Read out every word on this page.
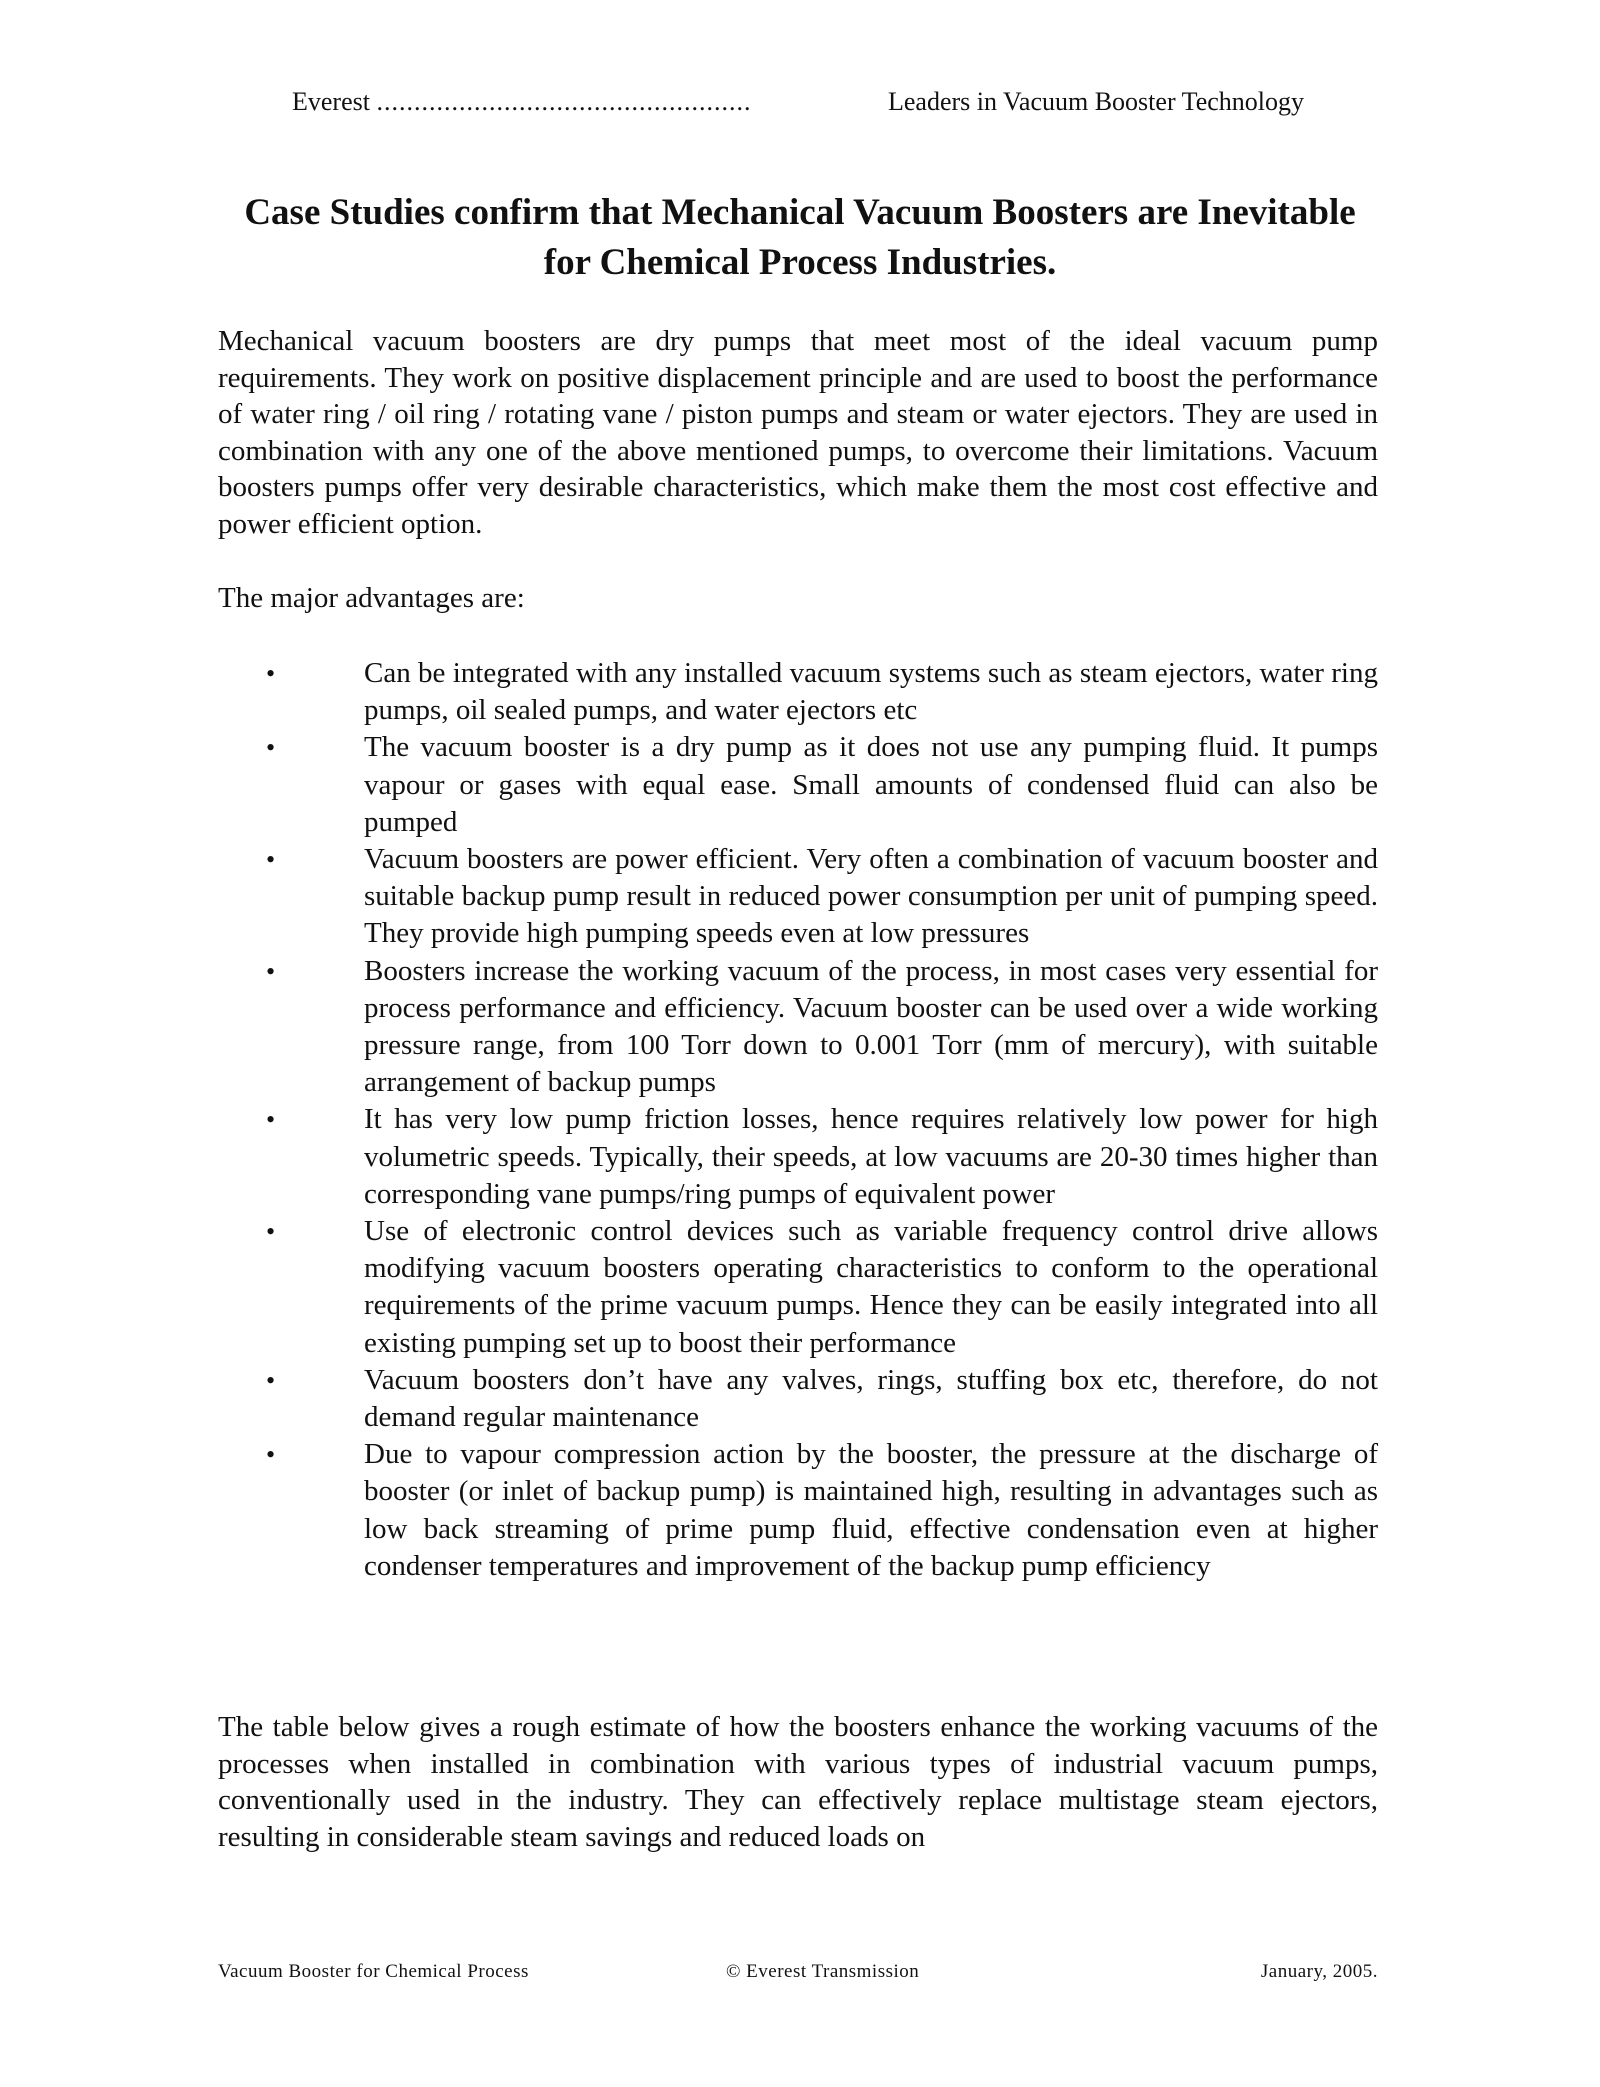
Everest ..................................................	Leaders in Vacuum Booster Technology
Case Studies confirm that Mechanical Vacuum Boosters are Inevitable for Chemical Process Industries.
Mechanical vacuum boosters are dry pumps that meet most of the ideal vacuum pump requirements. They work on positive displacement principle and are used to boost the performance of water ring / oil ring / rotating vane / piston pumps and steam or water ejectors. They are used in combination with any one of the above mentioned pumps, to overcome their limitations. Vacuum boosters pumps offer very desirable characteristics, which make them the most cost effective and power efficient option.
The major advantages are:
•	Can be integrated with any installed vacuum systems such as steam ejectors, water ring pumps, oil sealed pumps, and water ejectors etc
•	The vacuum booster is a dry pump as it does not use any pumping fluid. It pumps vapour or gases with equal ease. Small amounts of condensed fluid can also be pumped
•	Vacuum boosters are power efficient. Very often a combination of vacuum booster and suitable backup pump result in reduced power consumption per unit of pumping speed. They provide high pumping speeds even at low pressures
•	Boosters increase the working vacuum of the process, in most cases very essential for process performance and efficiency. Vacuum booster can be used over a wide working pressure range, from 100 Torr down to 0.001 Torr (mm of mercury), with suitable arrangement of backup pumps
•	It has very low pump friction losses, hence requires relatively low power for high volumetric speeds. Typically, their speeds, at low vacuums are 20-30 times higher than corresponding vane pumps/ring pumps of equivalent power
•	Use of electronic control devices such as variable frequency control drive allows modifying vacuum boosters operating characteristics to conform to the operational requirements of the prime vacuum pumps. Hence they can be easily integrated into all existing pumping set up to boost their performance
•	Vacuum boosters don’t have any valves, rings, stuffing box etc, therefore, do not demand regular maintenance
•	Due to vapour compression action by the booster, the pressure at the discharge of booster (or inlet of backup pump) is maintained high, resulting in advantages such as low back streaming of prime pump fluid, effective condensation even at higher condenser temperatures and improvement of the backup pump efficiency
The table below gives a rough estimate of how the boosters enhance the working vacuums of the processes when installed in combination with various types of industrial vacuum pumps, conventionally used in the industry. They can effectively replace multistage steam ejectors, resulting in considerable steam savings and reduced loads on
Vacuum Booster for Chemical Process	© Everest Transmission	January, 2005.
